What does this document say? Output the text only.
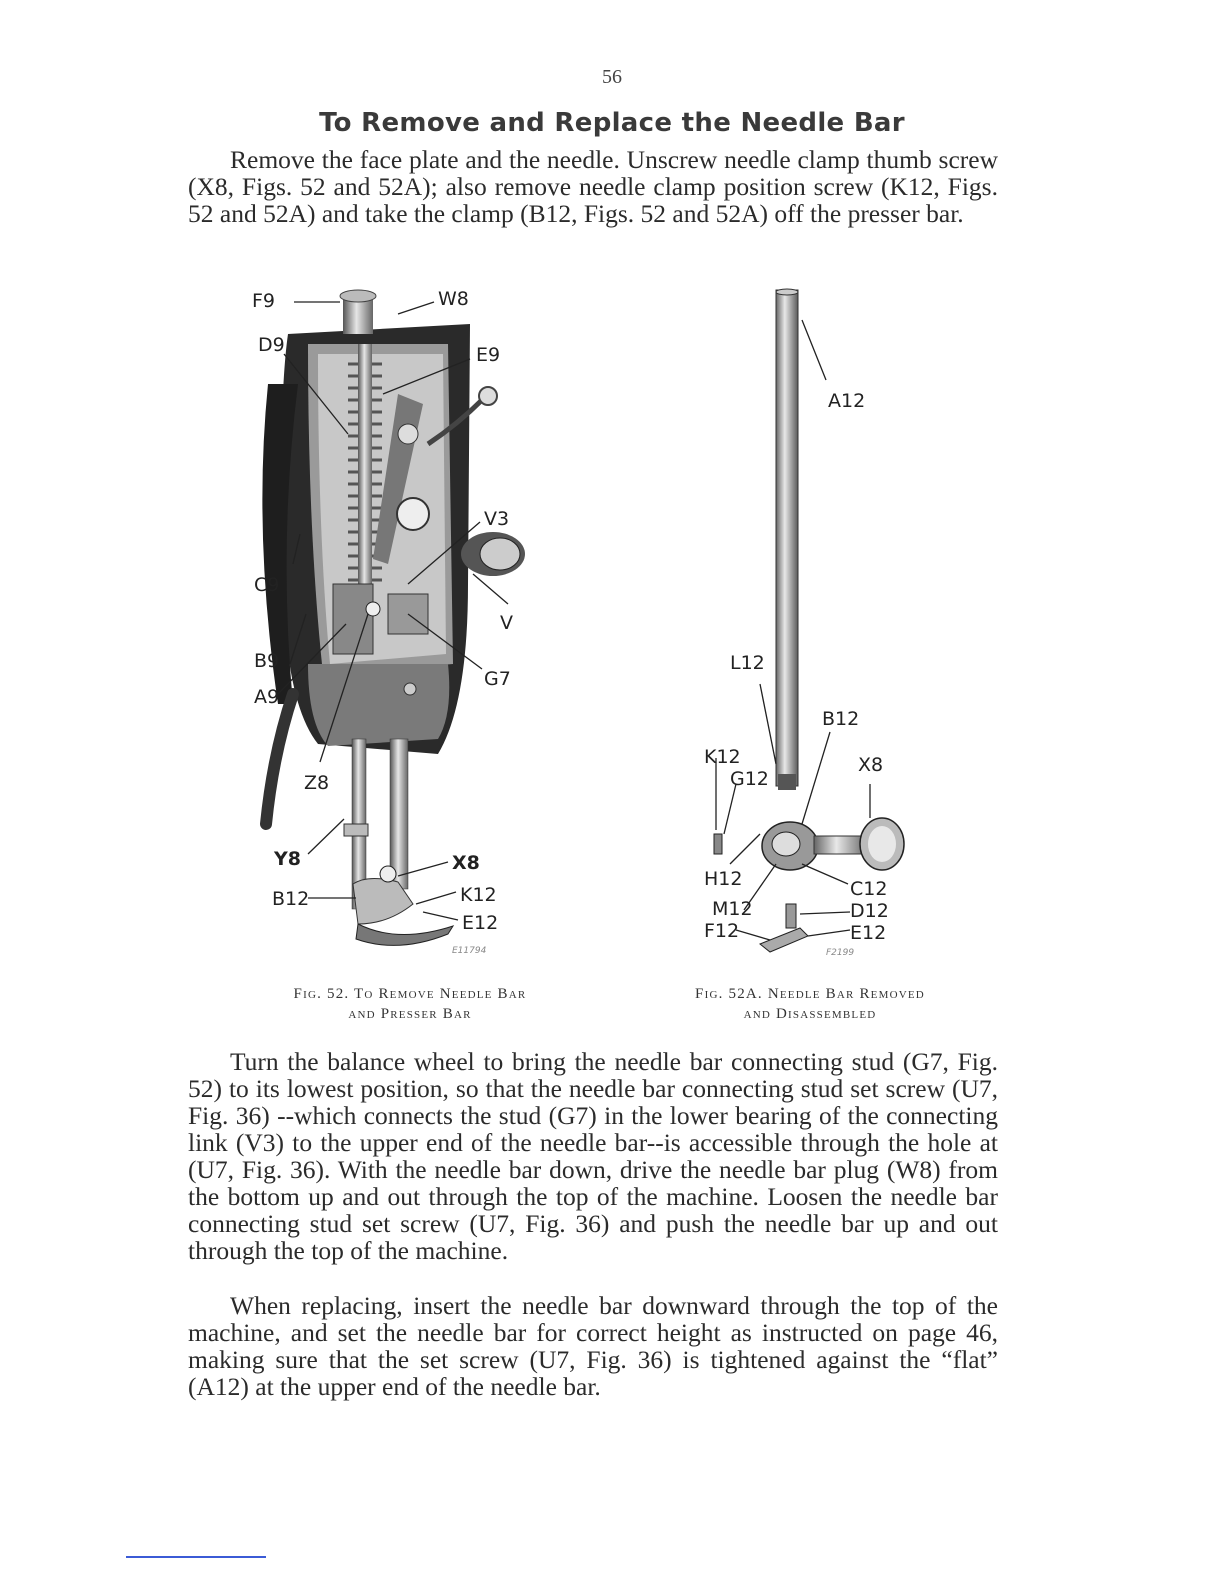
56
To Remove and Replace the Needle Bar

Remove the face plate and the needle. Unscrew needle clamp thumb screw (X8, Figs. 52 and 52A); also remove needle clamp position screw (K12, Figs. 52 and 52A) and take the clamp (B12, Figs. 52 and 52A) off the presser bar.

F9	W8
D9	E9
V3
C9
V
B9
G7
A9
Z8
Y8	X8
B12	K12
E12
E11794
A12
L12
B12
K12
G12
X8
H12	C12
M12	D12
F12	E12
F2199
Fig. 52. To Remove Needle Bar
and Presser Bar
Fig. 52A. Needle Bar Removed
and Disassembled

Turn the balance wheel to bring the needle bar connecting stud (G7, Fig. 52) to its lowest position, so that the needle bar connecting stud set screw (U7, Fig. 36) --which connects the stud (G7) in the lower bearing of the connecting link (V3) to the upper end of the needle bar--is accessible through the hole at (U7, Fig. 36). With the needle bar down, drive the needle bar plug (W8) from the bottom up and out through the top of the machine. Loosen the needle bar connecting stud set screw (U7, Fig. 36) and push the needle bar up and out through the top of the machine.

When replacing, insert the needle bar downward through the top of the machine, and set the needle bar for correct height as instructed on page 46, making sure that the set screw (U7, Fig. 36) is tightened against the “flat” (A12) at the upper end of the needle bar.
